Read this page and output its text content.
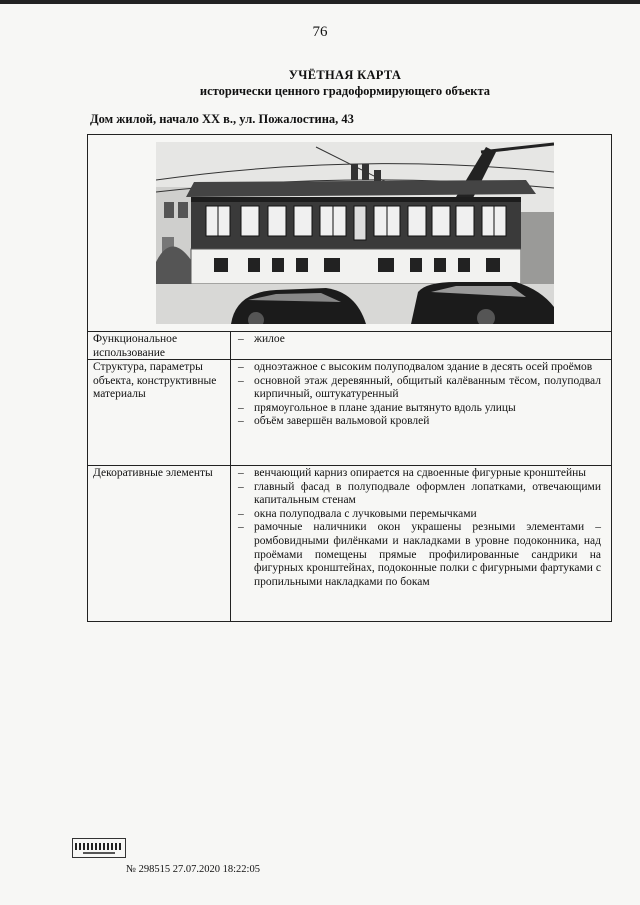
76
УЧЁТНАЯ КАРТА
исторически ценного градоформирующего объекта
Дом жилой, начало XX в., ул. Пожалостина, 43
Функциональное использование
– жилое
Структура, параметры объекта, конструктивные материалы
– одноэтажное с высоким полуподвалом здание в десять осей проёмов
– основной этаж деревянный, общитый калёванным тёсом, полуподвал кирпичный, оштукатуренный
– прямоугольное в плане здание вытянуто вдоль улицы
– объём завершён вальмовой кровлей
Декоративные элементы
–	венчающий карниз опирается на сдвоенные фигурные кронштейны
– главный фасад в полуподвале оформлен лопатками, отвечающими капитальным стенам
– окна полуподвала с лучковыми перемычками
– рамочные наличники окон украшены резными элементами – ромбовидными филёнками и накладками в уровне подоконника, над проёмами помещены прямые профилированные сандрики на фигурных кронштейнах, подоконные полки с фигурными фартуками с пропильными накладками по бокам
№ 298515 27.07.2020 18:22:05
